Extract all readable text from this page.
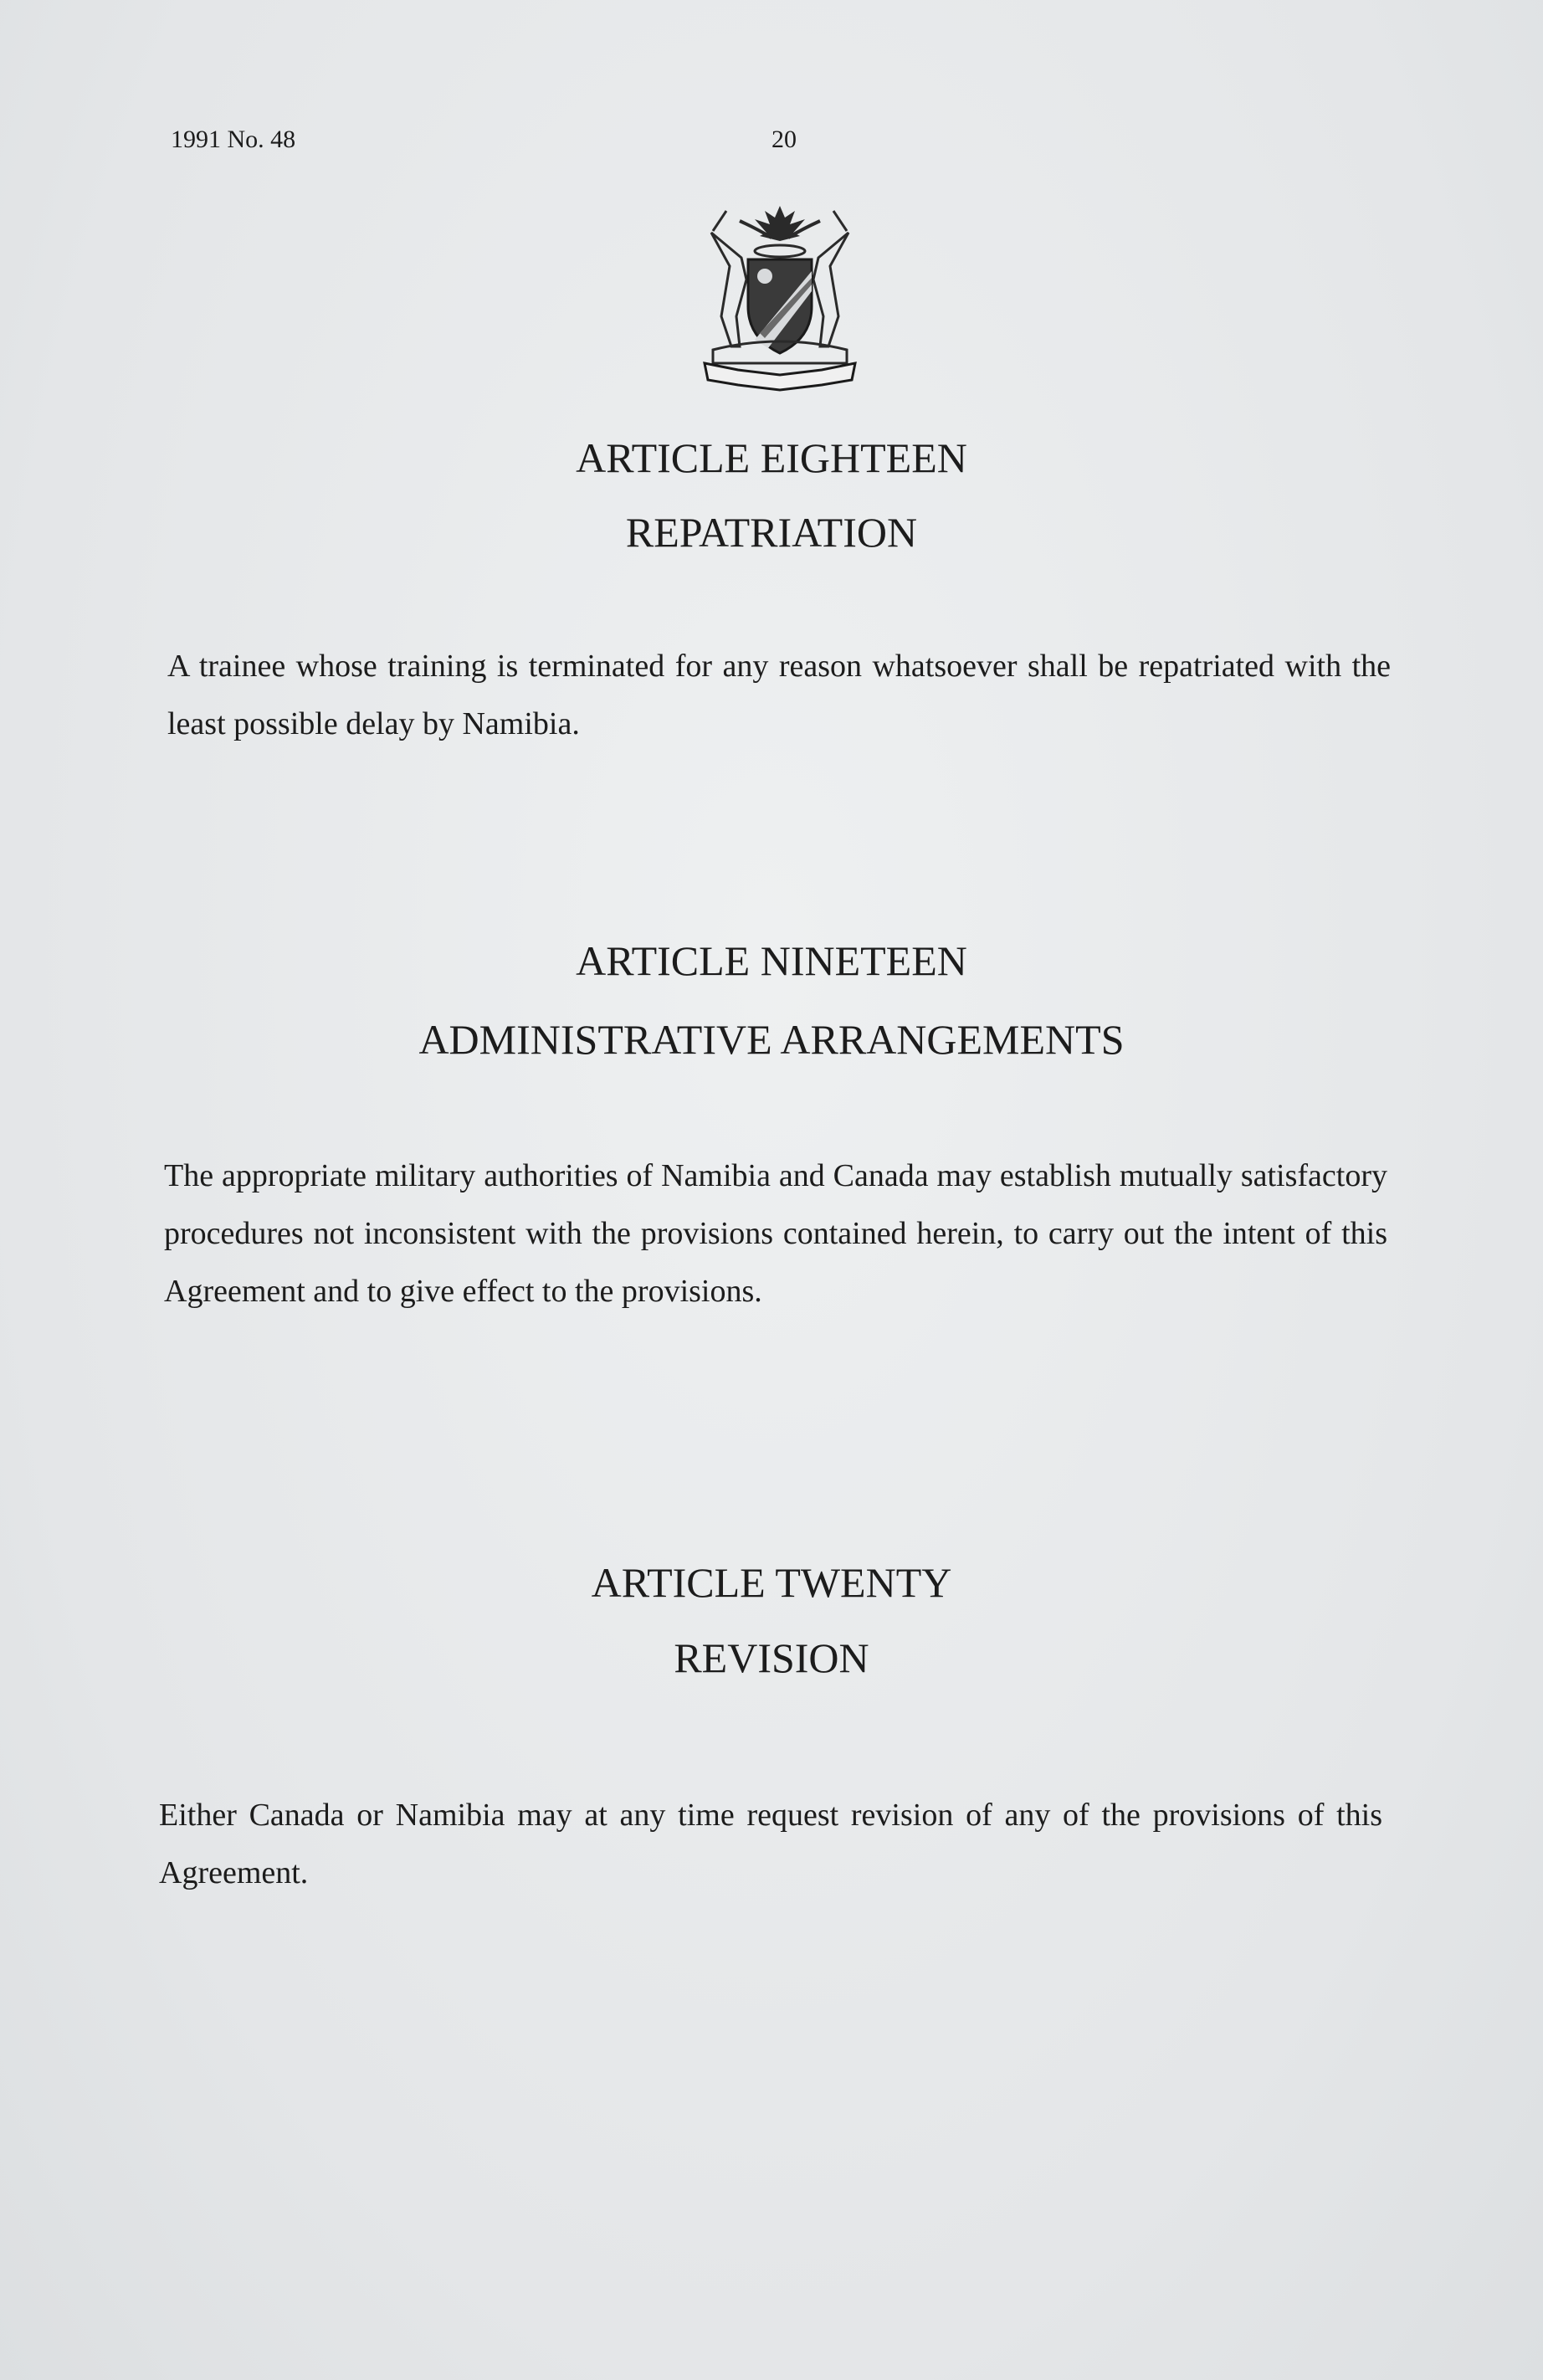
1991 No. 48	20
ARTICLE EIGHTEEN
REPATRIATION
A trainee whose training is terminated for any reason whatsoever shall be repatriated with the least possible delay by Namibia.
ARTICLE NINETEEN
ADMINISTRATIVE ARRANGEMENTS
The appropriate military authorities of Namibia and Canada may establish mutually satisfactory procedures not inconsistent with the provisions contained herein, to carry out the intent of this Agreement and to give effect to the provisions.
ARTICLE TWENTY
REVISION
Either Canada or Namibia may at any time request revision of any of the provisions of this Agreement.
